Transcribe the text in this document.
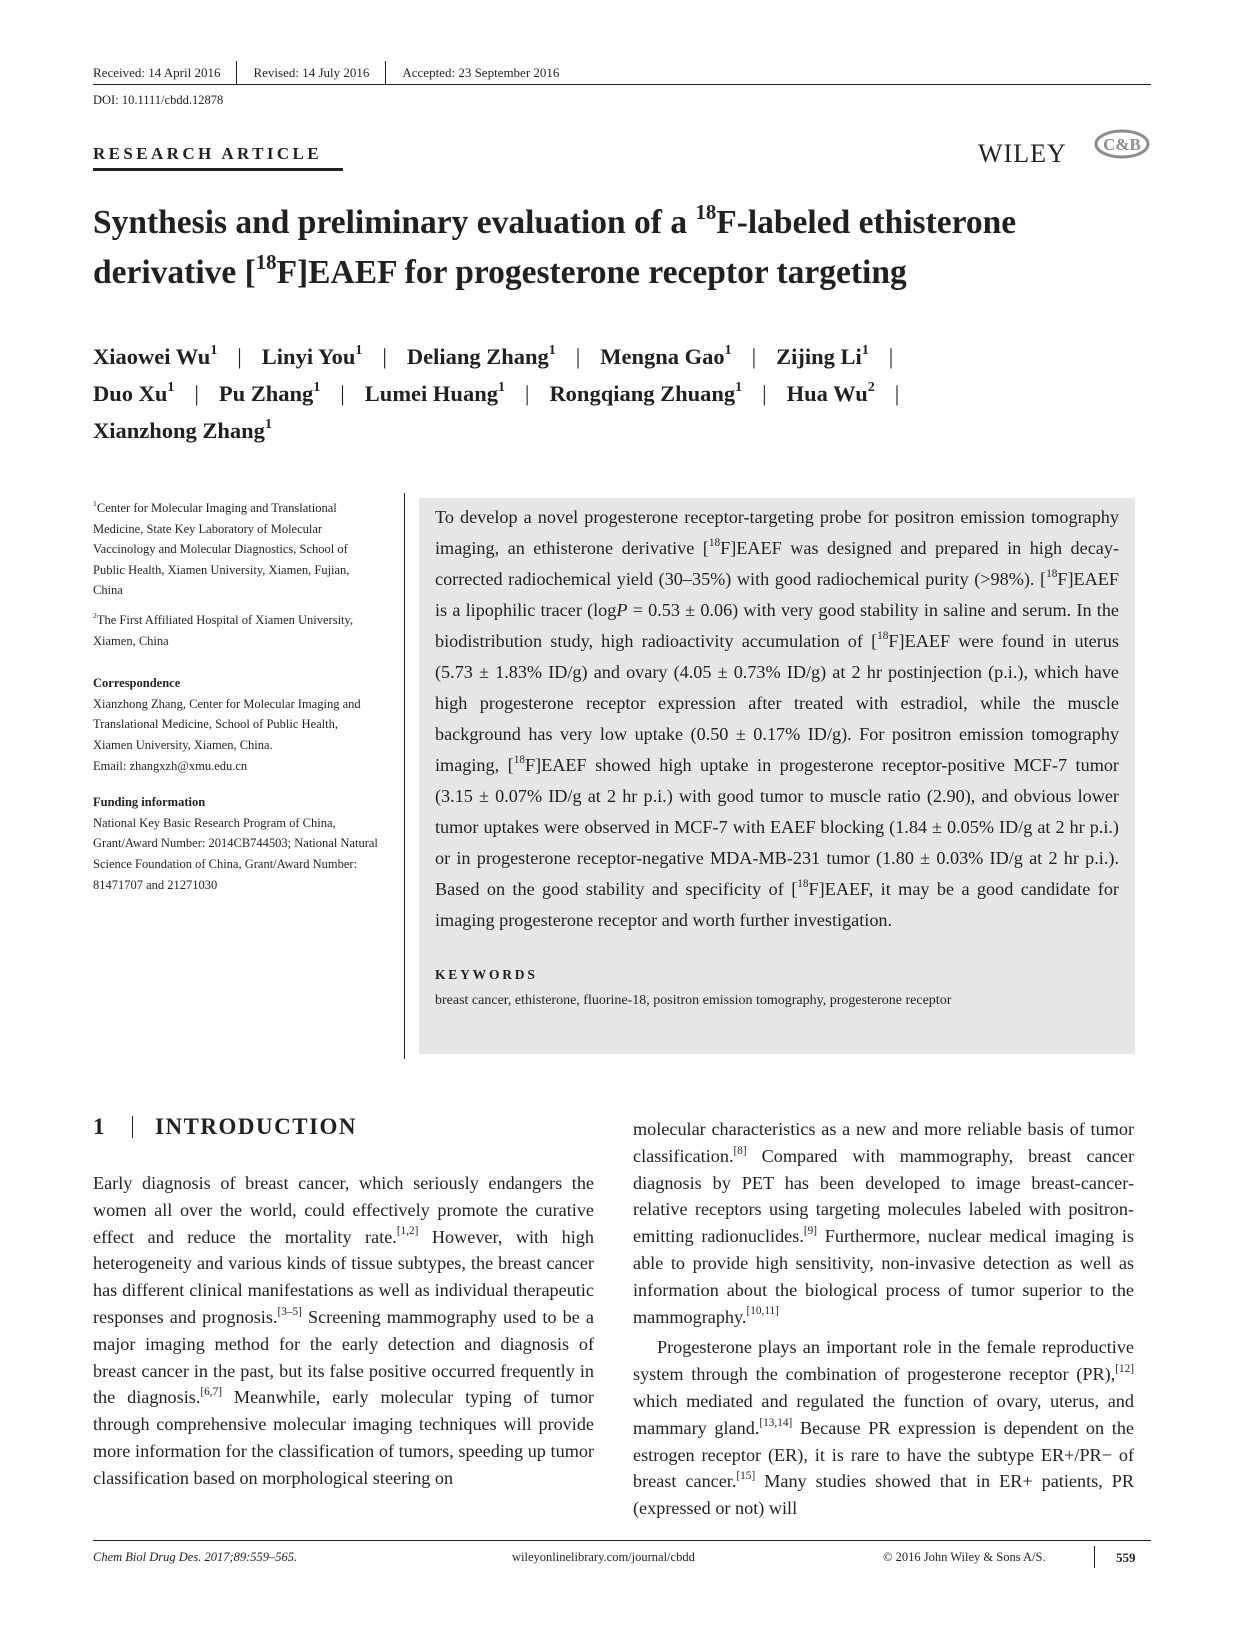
Received: 14 April 2016	Revised: 14 July 2016	Accepted: 23 September 2016
DOI: 10.1111/cbdd.12878
RESEARCH ARTICLE	WILEY C&B
Synthesis and preliminary evaluation of a $^{18}$F-labeled ethisterone derivative [$^{18}$F]EAEF for progesterone receptor targeting
Xiaowei Wu$^1$ | Linyi You$^1$ | Deliang Zhang$^1$ | Mengna Gao$^1$ | Zijing Li$^1$ |
Duo Xu$^1$ | Pu Zhang$^1$ | Lumei Huang$^1$ | Rongqiang Zhuang$^1$ | Hua Wu$^2$ |
Xianzhong Zhang$^1$

$^1$Center for Molecular Imaging and Translational Medicine, State Key Laboratory of Molecular Vaccinology and Molecular Diagnostics, School of Public Health, Xiamen University, Xiamen, Fujian, China

$^2$The First Affiliated Hospital of Xiamen University, Xiamen, China

Correspondence

Xianzhong Zhang, Center for Molecular Imaging and Translational Medicine, School of Public Health, Xiamen University, Xiamen, China.

Email: zhangxzh@xmu.edu.cn

Funding information

National Key Basic Research Program of China, Grant/Award Number: 2014CB744503; National Natural Science Foundation of China, Grant/Award Number: 81471707 and 21271030

To develop a novel progesterone receptor-targeting probe for positron emission tomography imaging, an ethisterone derivative [$^{18}$F]EAEF was designed and prepared in high decay-corrected radiochemical yield (30–35%) with good radiochemical purity (>98%). [$^{18}$F]EAEF is a lipophilic tracer (logP = 0.53 ± 0.06) with very good stability in saline and serum. In the biodistribution study, high radioactivity accumulation of [$^{18}$F]EAEF were found in uterus (5.73 ± 1.83% ID/g) and ovary (4.05 ± 0.73% ID/g) at 2 hr postinjection (p.i.), which have high progesterone receptor expression after treated with estradiol, while the muscle background has very low uptake (0.50 ± 0.17% ID/g). For positron emission tomography imaging, [$^{18}$F]EAEF showed high uptake in progesterone receptor-positive MCF-7 tumor (3.15 ± 0.07% ID/g at 2 hr p.i.) with good tumor to muscle ratio (2.90), and obvious lower tumor uptakes were observed in MCF-7 with EAEF blocking (1.84 ± 0.05% ID/g at 2 hr p.i.) or in progesterone receptor-negative MDA-MB-231 tumor (1.80 ± 0.03% ID/g at 2 hr p.i.). Based on the good stability and specificity of [$^{18}$F]EAEF, it may be a good candidate for imaging progesterone receptor and worth further investigation.

KEYWORDS

breast cancer, ethisterone, fluorine-18, positron emission tomography, progesterone receptor

1 INTRODUCTION

Early diagnosis of breast cancer, which seriously endangers the women all over the world, could effectively promote the curative effect and reduce the mortality rate.[1,2] However, with high heterogeneity and various kinds of tissue subtypes, the breast cancer has different clinical manifestations as well as individual therapeutic responses and prognosis.[3–5] Screening mammography used to be a major imaging method for the early detection and diagnosis of breast cancer in the past, but its false positive occurred frequently in the diagnosis.[6,7] Meanwhile, early molecular typing of tumor through comprehensive molecular imaging techniques will provide more information for the classification of tumors, speeding up tumor classification based on morphological steering on

molecular characteristics as a new and more reliable basis of tumor classification.[8] Compared with mammography, breast cancer diagnosis by PET has been developed to image breast-cancer-relative receptors using targeting molecules labeled with positron-emitting radionuclides.[9] Furthermore, nuclear medical imaging is able to provide high sensitivity, non-invasive detection as well as information about the biological process of tumor superior to the mammography.[10,11]

Progesterone plays an important role in the female reproductive system through the combination of progesterone receptor (PR),[12] which mediated and regulated the function of ovary, uterus, and mammary gland.[13,14] Because PR expression is dependent on the estrogen receptor (ER), it is rare to have the subtype ER+/PR− of breast cancer.[15] Many studies showed that in ER+ patients, PR (expressed or not) will

Chem Biol Drug Des. 2017;89:559–565.	wileyonlinelibrary.com/journal/cbdd	© 2016 John Wiley & Sons A/S.	559
